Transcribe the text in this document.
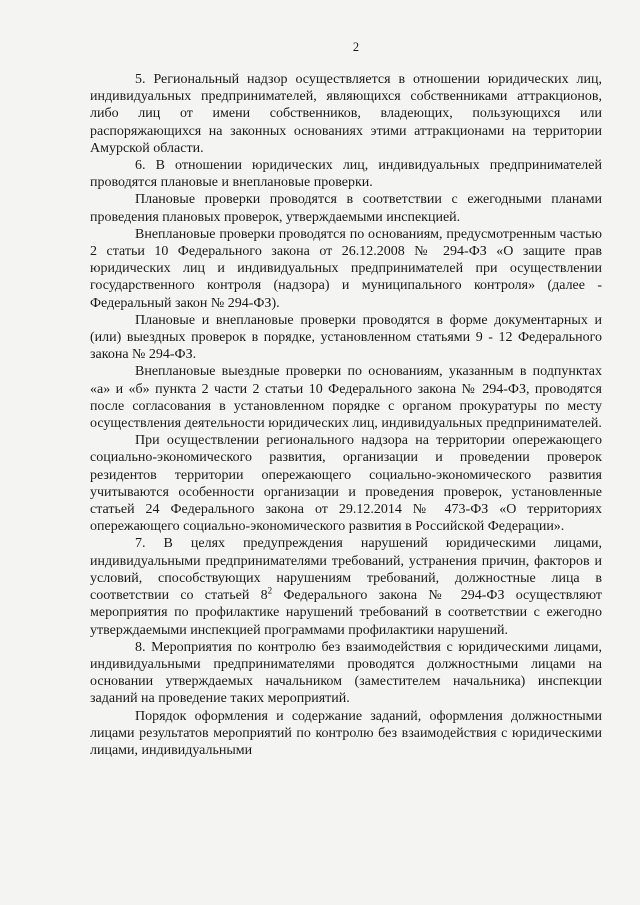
2

5. Региональный надзор осуществляется в отношении юридических лиц, индивидуальных предпринимателей, являющихся собственниками аттракционов, либо лиц от имени собственников, владеющих, пользующихся или распоряжающихся на законных основаниях этими аттракционами на территории Амурской области.

6. В отношении юридических лиц, индивидуальных предпринимателей проводятся плановые и внеплановые проверки.

Плановые проверки проводятся в соответствии с ежегодными планами проведения плановых проверок, утверждаемыми инспекцией.

Внеплановые проверки проводятся по основаниям, предусмотренным частью 2 статьи 10 Федерального закона от 26.12.2008 № 294-ФЗ «О защите прав юридических лиц и индивидуальных предпринимателей при осуществлении государственного контроля (надзора) и муниципального контроля» (далее - Федеральный закон № 294-ФЗ).

Плановые и внеплановые проверки проводятся в форме документарных и (или) выездных проверок в порядке, установленном статьями 9 - 12 Федерального закона № 294-ФЗ.

Внеплановые выездные проверки по основаниям, указанным в подпунктах «а» и «б» пункта 2 части 2 статьи 10 Федерального закона № 294-ФЗ, проводятся после согласования в установленном порядке с органом прокуратуры по месту осуществления деятельности юридических лиц, индивидуальных предпринимателей.

При осуществлении регионального надзора на территории опережающего социально-экономического развития, организации и проведении проверок резидентов территории опережающего социально-экономического развития учитываются особенности организации и проведения проверок, установленные статьей 24 Федерального закона от 29.12.2014 № 473-ФЗ «О территориях опережающего социально-экономического развития в Российской Федерации».

7. В целях предупреждения нарушений юридическими лицами, индивидуальными предпринимателями требований, устранения причин, факторов и условий, способствующих нарушениям требований, должностные лица в соответствии со статьей $8^2$ Федерального закона № 294-ФЗ осуществляют мероприятия по профилактике нарушений требований в соответствии с ежегодно утверждаемыми инспекцией программами профилактики нарушений.

8. Мероприятия по контролю без взаимодействия с юридическими лицами, индивидуальными предпринимателями проводятся должностными лицами на основании утверждаемых начальником (заместителем начальника) инспекции заданий на проведение таких мероприятий.

Порядок оформления и содержание заданий, оформления должностными лицами результатов мероприятий по контролю без взаимодействия с юридическими лицами, индивидуальными
